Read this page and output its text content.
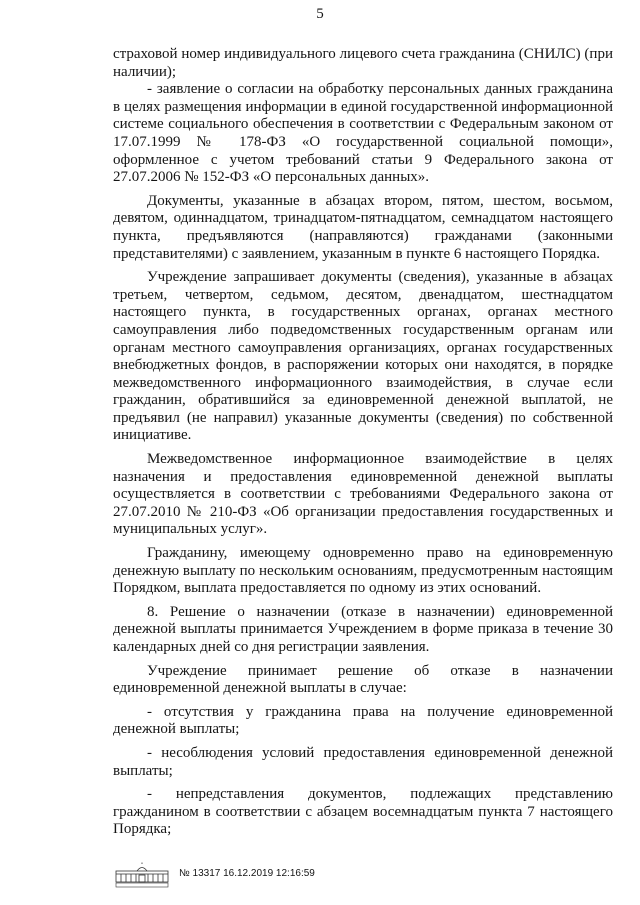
5

страховой номер индивидуального лицевого счета гражданина (СНИЛС) (при наличии);

- заявление о согласии на обработку персональных данных гражданина в целях размещения информации в единой государственной информационной системе социального обеспечения в соответствии с Федеральным законом от 17.07.1999 № 178-ФЗ «О государственной социальной помощи», оформленное с учетом требований статьи 9 Федерального закона от 27.07.2006 № 152-ФЗ «О персональных данных».

Документы, указанные в абзацах втором, пятом, шестом, восьмом, девятом, одиннадцатом, тринадцатом-пятнадцатом, семнадцатом настоящего пункта, предъявляются (направляются) гражданами (законными представителями) с заявлением, указанным в пункте 6 настоящего Порядка.

Учреждение запрашивает документы (сведения), указанные в абзацах третьем, четвертом, седьмом, десятом, двенадцатом, шестнадцатом настоящего пункта, в государственных органах, органах местного самоуправления либо подведомственных государственным органам или органам местного самоуправления организациях, органах государственных внебюджетных фондов, в распоряжении которых они находятся, в порядке межведомственного информационного взаимодействия, в случае если гражданин, обратившийся за единовременной денежной выплатой, не предъявил (не направил) указанные документы (сведения) по собственной инициативе.

Межведомственное информационное взаимодействие в целях назначения и предоставления единовременной денежной выплаты осуществляется в соответствии с требованиями Федерального закона от 27.07.2010 № 210-ФЗ «Об организации предоставления государственных и муниципальных услуг».

Гражданину, имеющему одновременно право на единовременную денежную выплату по нескольким основаниям, предусмотренным настоящим Порядком, выплата предоставляется по одному из этих оснований.

8. Решение о назначении (отказе в назначении) единовременной денежной выплаты принимается Учреждением в форме приказа в течение 30 календарных дней со дня регистрации заявления.

Учреждение принимает решение об отказе в назначении единовременной денежной выплаты в случае:

- отсутствия у гражданина права на получение единовременной денежной выплаты;

- несоблюдения условий предоставления единовременной денежной выплаты;

- непредставления документов, подлежащих представлению гражданином в соответствии с абзацем восемнадцатым пункта 7 настоящего Порядка;

№ 13317 16.12.2019 12:16:59
